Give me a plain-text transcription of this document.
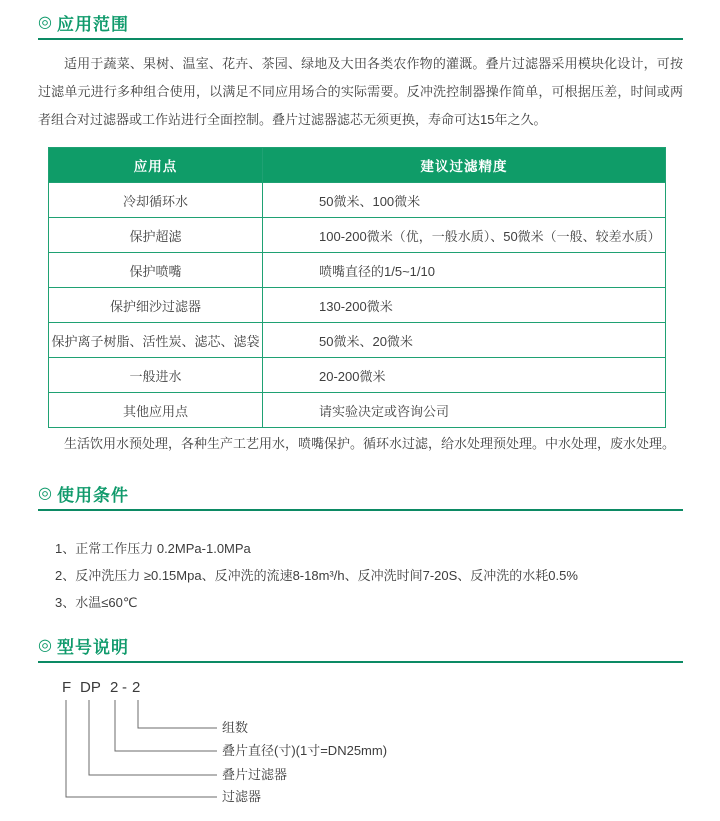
◎ 应用范围

适用于蔬菜、果树、温室、花卉、茶园、绿地及大田各类农作物的灌溉。叠片过滤器采用模块化设计，可按过滤单元进行多种组合使用，以满足不同应用场合的实际需要。反冲洗控制器操作简单，可根据压差，时间或两者组合对过滤器或工作站进行全面控制。叠片过滤器滤芯无须更换，寿命可达15年之久。

应用点	建议过滤精度
冷却循环水	50微米、100微米
保护超滤	100-200微米（优，一般水质）、50微米（一般、较差水质）
保护喷嘴	喷嘴直径的1/5~1/10
保护细沙过滤器	130-200微米
保护离子树脂、活性炭、滤芯、滤袋	50微米、20微米
一般进水	20-200微米
其他应用点	请实验决定或咨询公司

生活饮用水预处理，各种生产工艺用水，喷嘴保护。循环水过滤，给水处理预处理。中水处理，废水处理。

◎ 使用条件
1、正常工作压力 0.2MPa-1.0MPa
2、反冲洗压力 ≥0.15Mpa、反冲洗的流速8-18m³/h、反冲洗时间7-20S、反冲洗的水耗0.5%
3、水温≤60℃
◎ 型号说明
F DP 2 - 2
组数
叠片直径(寸)(1寸=DN25mm)
叠片过滤器
过滤器
